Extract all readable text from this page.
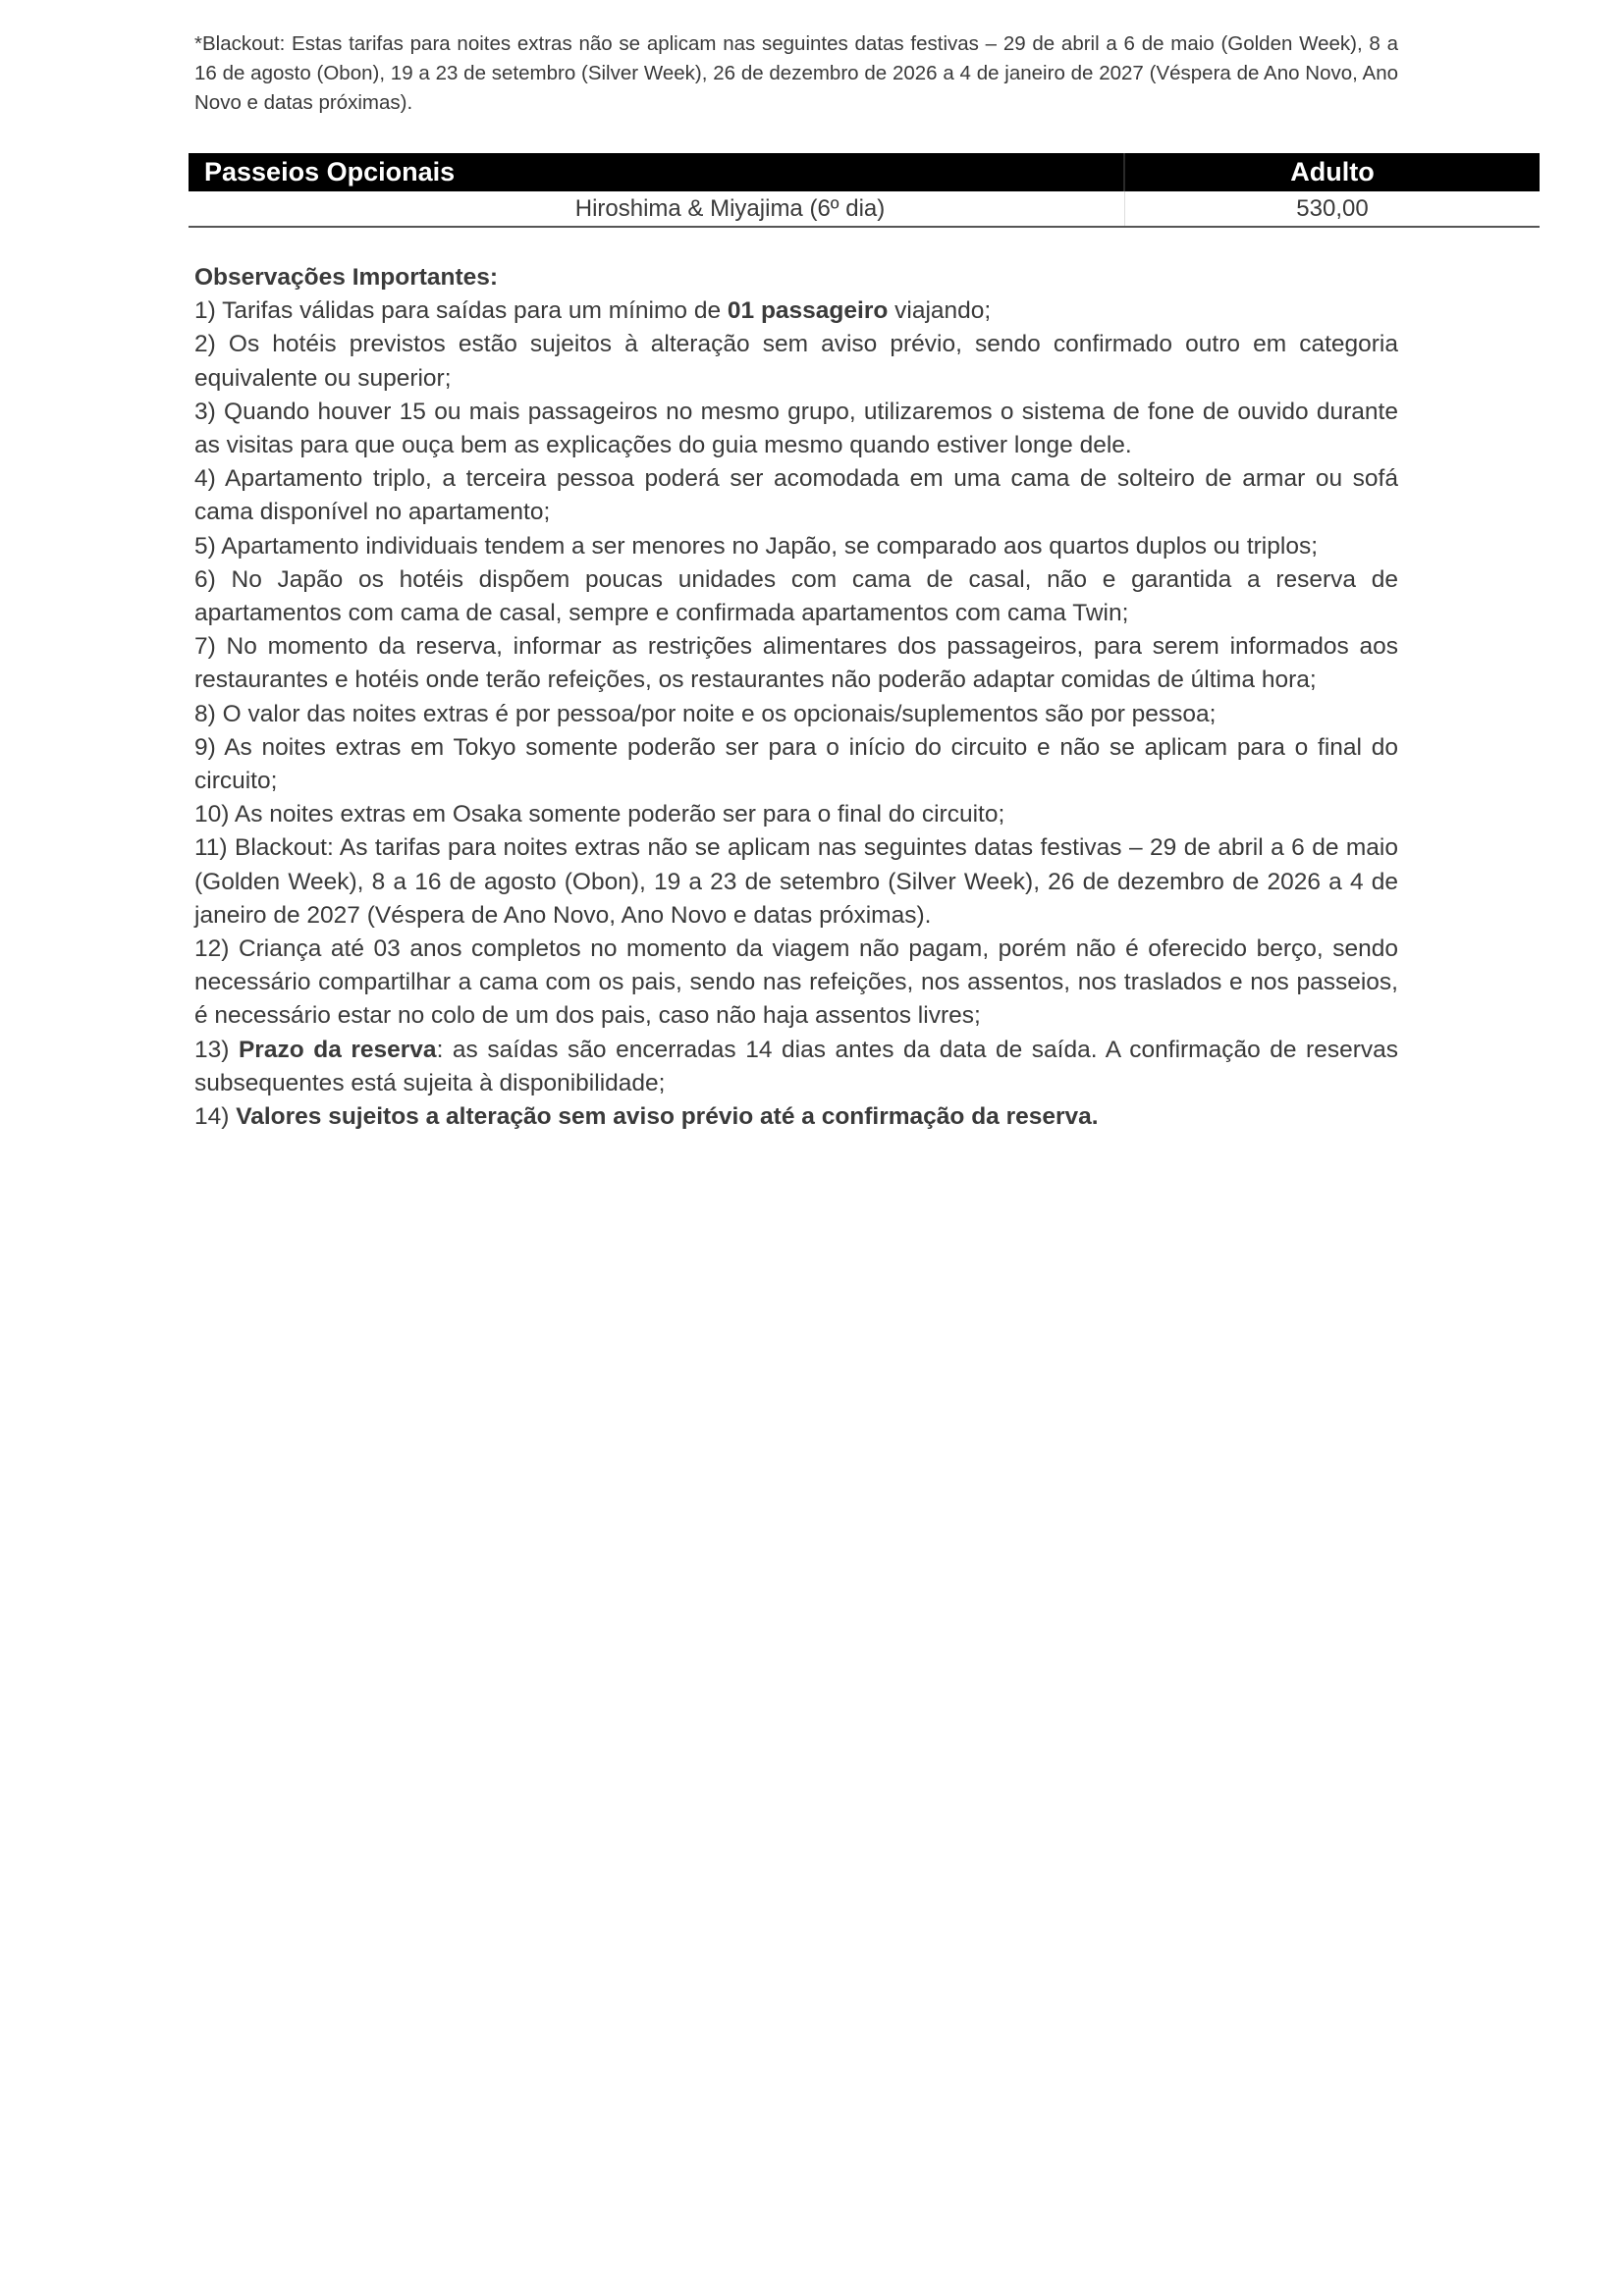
*Blackout: Estas tarifas para noites extras não se aplicam nas seguintes datas festivas – 29 de abril a 6 de maio (Golden Week), 8 a 16 de agosto (Obon), 19 a 23 de setembro (Silver Week), 26 de dezembro de 2026 a 4 de janeiro de 2027 (Véspera de Ano Novo, Ano Novo e datas próximas).
Passeios Opcionais	Adulto
Hiroshima & Miyajima (6º dia)	530,00
Observações Importantes:
1) Tarifas válidas para saídas para um mínimo de 01 passageiro viajando;
2) Os hotéis previstos estão sujeitos à alteração sem aviso prévio, sendo confirmado outro em categoria equivalente ou superior;
3) Quando houver 15 ou mais passageiros no mesmo grupo, utilizaremos o sistema de fone de ouvido durante as visitas para que ouça bem as explicações do guia mesmo quando estiver longe dele.
4) Apartamento triplo, a terceira pessoa poderá ser acomodada em uma cama de solteiro de armar ou sofá cama disponível no apartamento;
5) Apartamento individuais tendem a ser menores no Japão, se comparado aos quartos duplos ou triplos;
6) No Japão os hotéis dispõem poucas unidades com cama de casal, não e garantida a reserva de apartamentos com cama de casal, sempre e confirmada apartamentos com cama Twin;
7) No momento da reserva, informar as restrições alimentares dos passageiros, para serem informados aos restaurantes e hotéis onde terão refeições, os restaurantes não poderão adaptar comidas de última hora;
8) O valor das noites extras é por pessoa/por noite e os opcionais/suplementos são por pessoa;
9) As noites extras em Tokyo somente poderão ser para o início do circuito e não se aplicam para o final do circuito;
10) As noites extras em Osaka somente poderão ser para o final do circuito;
11) Blackout: As tarifas para noites extras não se aplicam nas seguintes datas festivas – 29 de abril a 6 de maio (Golden Week), 8 a 16 de agosto (Obon), 19 a 23 de setembro (Silver Week), 26 de dezembro de 2026 a 4 de janeiro de 2027 (Véspera de Ano Novo, Ano Novo e datas próximas).
12) Criança até 03 anos completos no momento da viagem não pagam, porém não é oferecido berço, sendo necessário compartilhar a cama com os pais, sendo nas refeições, nos assentos, nos traslados e nos passeios, é necessário estar no colo de um dos pais, caso não haja assentos livres;
13) Prazo da reserva: as saídas são encerradas 14 dias antes da data de saída. A confirmação de reservas subsequentes está sujeita à disponibilidade;
14) Valores sujeitos a alteração sem aviso prévio até a confirmação da reserva.
